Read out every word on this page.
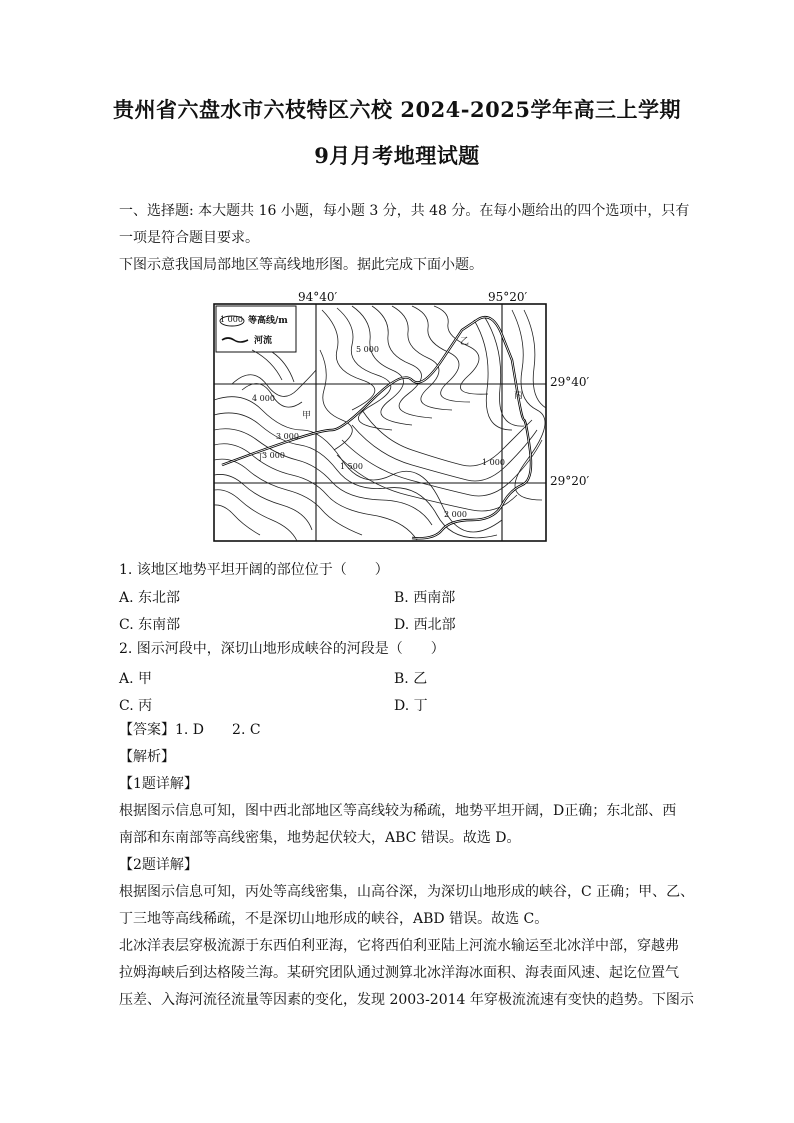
贵州省六盘水市六枝特区六校 2024-2025学年高三上学期
9月月考地理试题
一、选择题: 本大题共 16 小题，每小题 3 分，共 48 分。在每小题给出的四个选项中，只有
一项是符合题目要求。
下图示意我国局部地区等高线地形图。据此完成下面小题。
94°40′	95°20′
29°40′
29°20′
1 000 等高线/m
河流
5 000
4 000
3 000
3 000
1 500
2 000
1 000
甲
乙
丙
丁
1. 该地区地势平坦开阔的部位位于（　　）
A. 东北部	B. 西南部
C. 东南部	D. 西北部
2. 图示河段中，深切山地形成峡谷的河段是（　　）
A. 甲	B. 乙
C. 丙	D. 丁
【答案】1. D　　2. C
【解析】
【1题详解】
根据图示信息可知，图中西北部地区等高线较为稀疏，地势平坦开阔，D正确；东北部、西
南部和东南部等高线密集，地势起伏较大，ABC 错误。故选 D。
【2题详解】
根据图示信息可知，丙处等高线密集，山高谷深，为深切山地形成的峡谷，C 正确；甲、乙、
丁三地等高线稀疏，不是深切山地形成的峡谷，ABD 错误。故选 C。
北冰洋表层穿极流源于东西伯利亚海，它将西伯利亚陆上河流水输运至北冰洋中部，穿越弗
拉姆海峡后到达格陵兰海。某研究团队通过测算北冰洋海冰面积、海表面风速、起讫位置气
压差、入海河流径流量等因素的变化，发现 2003-2014 年穿极流流速有变快的趋势。下图示
